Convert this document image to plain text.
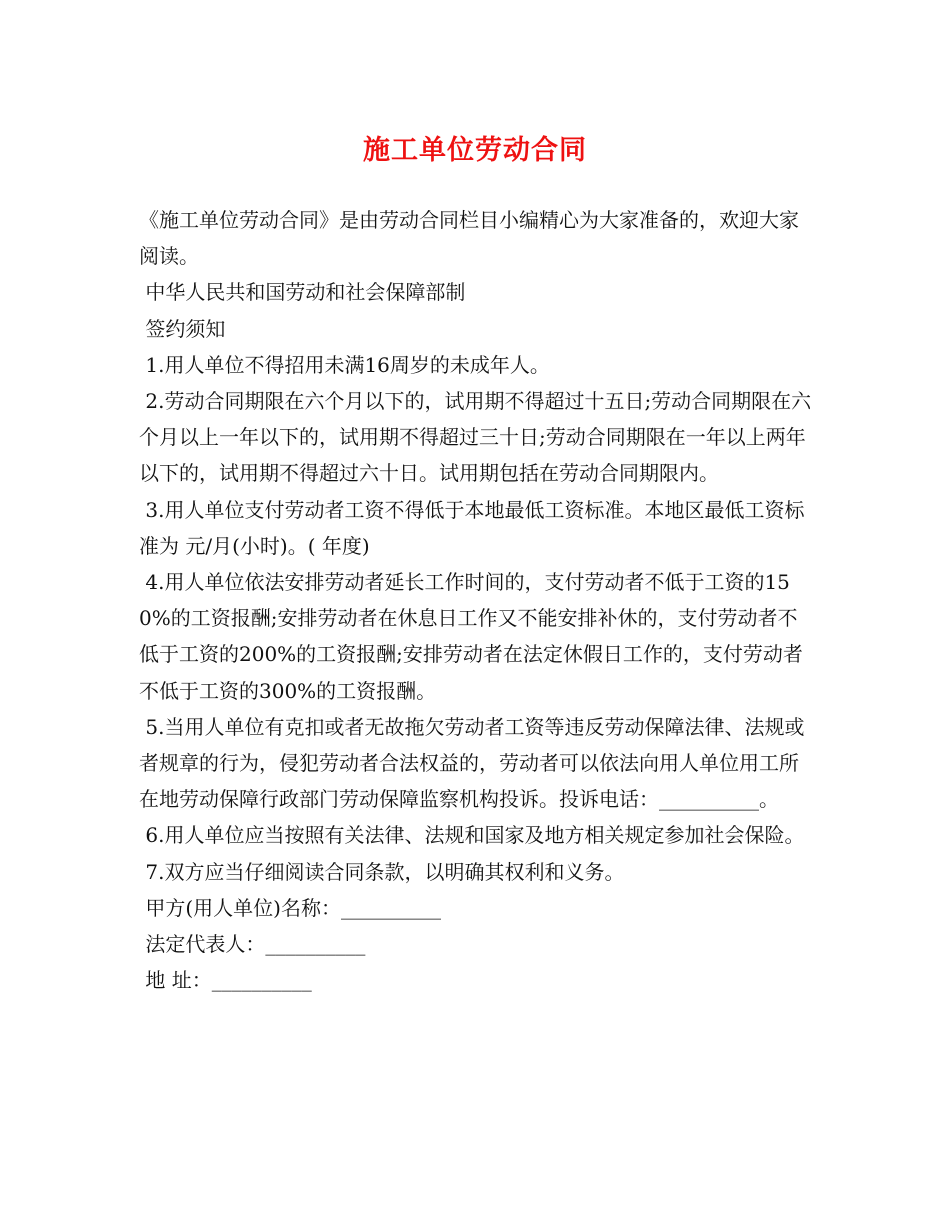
施工单位劳动合同

《施工单位劳动合同》是由劳动合同栏目小编精心为大家准备的，欢迎大家阅读。

中华人民共和国劳动和社会保障部制

签约须知

1.用人单位不得招用未满16周岁的未成年人。

2.劳动合同期限在六个月以下的，试用期不得超过十五日;劳动合同期限在六个月以上一年以下的，试用期不得超过三十日;劳动合同期限在一年以上两年以下的，试用期不得超过六十日。试用期包括在劳动合同期限内。

3.用人单位支付劳动者工资不得低于本地最低工资标准。本地区最低工资标准为 元/月(小时)。( 年度)

4.用人单位依法安排劳动者延长工作时间的，支付劳动者不低于工资的150%的工资报酬;安排劳动者在休息日工作又不能安排补休的，支付劳动者不低于工资的200%的工资报酬;安排劳动者在法定休假日工作的，支付劳动者不低于工资的300%的工资报酬。

5.当用人单位有克扣或者无故拖欠劳动者工资等违反劳动保障法律、法规或者规章的行为，侵犯劳动者合法权益的，劳动者可以依法向用人单位用工所在地劳动保障行政部门劳动保障监察机构投诉。投诉电话：__________。

6.用人单位应当按照有关法律、法规和国家及地方相关规定参加社会保险。

7.双方应当仔细阅读合同条款，以明确其权利和义务。

甲方(用人单位)名称：__________

法定代表人：__________

地 址：__________
